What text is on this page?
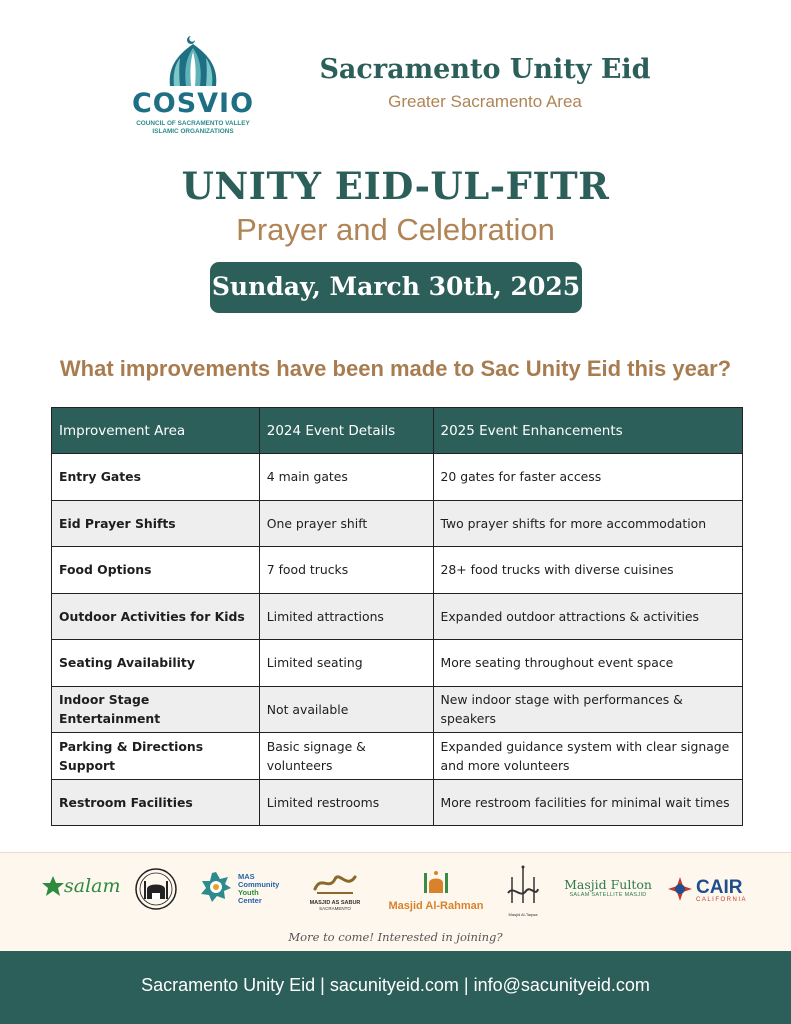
COSVIO
COUNCIL OF SACRAMENTO VALLEY ISLAMIC ORGANIZATIONS
Sacramento Unity Eid
Greater Sacramento Area
UNITY EID-UL-FITR
Prayer and Celebration
Sunday, March 30th, 2025
What improvements have been made to Sac Unity Eid this year?
Improvement Area	2024 Event Details	2025 Event Enhancements
Entry Gates	4 main gates	20 gates for faster access
Eid Prayer Shifts	One prayer shift	Two prayer shifts for more accommodation
Food Options	7 food trucks	28+ food trucks with diverse cuisines
Outdoor Activities for Kids	Limited attractions	Expanded outdoor attractions & activities
Seating Availability	Limited seating	More seating throughout event space
Indoor Stage Entertainment	Not available	New indoor stage with performances & speakers
Parking & Directions Support	Basic signage & volunteers	Expanded guidance system with clear signage and more volunteers
Restroom Facilities	Limited restrooms	More restroom facilities for minimal wait times
salam	MAS
Community
Youth
Center	MASJID AS SABUR
SACRAMENTO	Masjid Al-Rahman
Masjid Al-Taqwa
Masjid Fulton
SALAM SATELLITE MASJID	CAIR
CALIFORNIA
More to come! Interested in joining?
Sacramento Unity Eid | sacunityeid.com | info@sacunityeid.com
